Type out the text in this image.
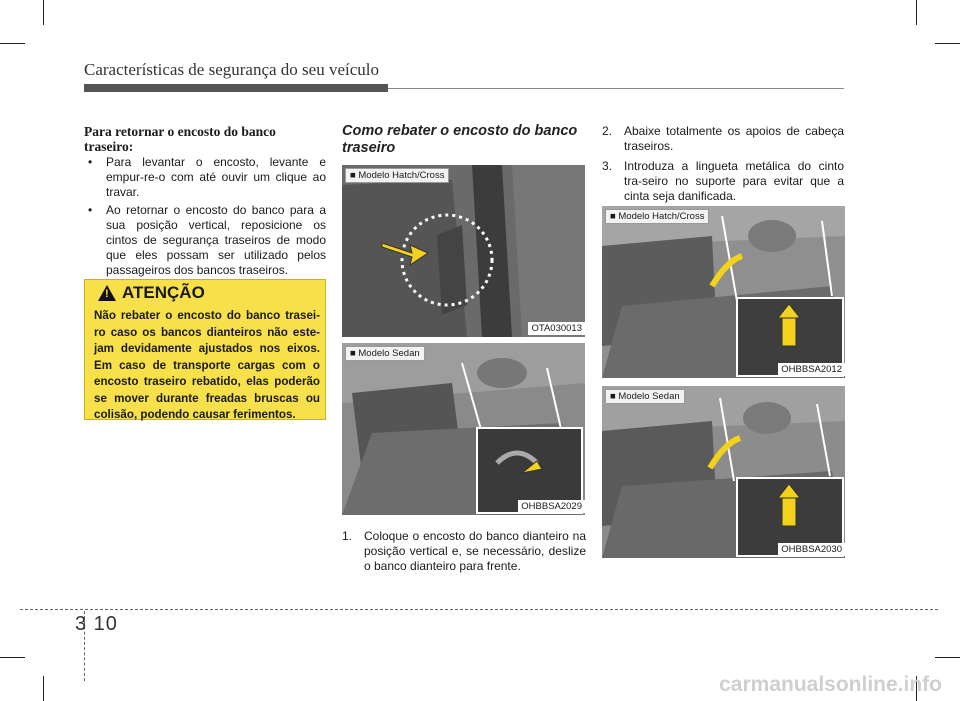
Características de segurança do seu veículo
Para retornar o encosto do banco traseiro:
• Para levantar o encosto, levante e empur-re-o com até ouvir um clique ao travar.
• Ao retornar o encosto do banco para a sua posição vertical, reposicione os cintos de segurança traseiros de modo que eles possam ser utilizado pelos passageiros dos bancos traseiros.
! ATENÇÃO
Não rebater o encosto do banco trasei-ro caso os bancos dianteiros não este-jam devidamente ajustados nos eixos. Em caso de transporte cargas com o encosto traseiro rebatido, elas poderão se mover durante freadas bruscas ou colisão, podendo causar ferimentos.
Como rebater o encosto do banco traseiro
■ Modelo Hatch/Cross
OTA030013
■ Modelo Sedan
OHBBSA2029
1. Coloque o encosto do banco dianteiro na posição vertical e, se necessário, deslize o banco dianteiro para frente.
2. Abaixe totalmente os apoios de cabeça traseiros.
3. Introduza a lingueta metálica do cinto tra-seiro no suporte para evitar que a cinta seja danificada.
■ Modelo Hatch/Cross
OHBBSA2012
■ Modelo Sedan
OHBBSA2030
3 10
carmanualsonline.info
